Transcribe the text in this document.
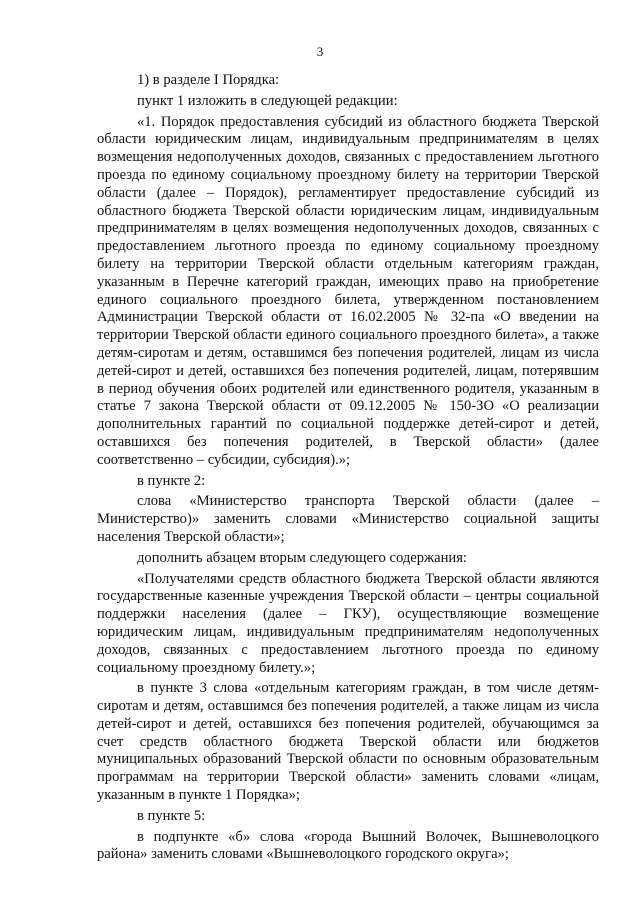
3

1) в разделе I Порядка:

пункт 1 изложить в следующей редакции:

«1. Порядок предоставления субсидий из областного бюджета Тверской области юридическим лицам, индивидуальным предпринимателям в целях возмещения недополученных доходов, связанных с предоставлением льготного проезда по единому социальному проездному билету на территории Тверской области (далее – Порядок), регламентирует предоставление субсидий из областного бюджета Тверской области юридическим лицам, индивидуальным предпринимателям в целях возмещения недополученных доходов, связанных с предоставлением льготного проезда по единому социальному проездному билету на территории Тверской области отдельным категориям граждан, указанным в Перечне категорий граждан, имеющих право на приобретение единого социального проездного билета, утвержденном постановлением Администрации Тверской области от 16.02.2005 № 32-па «О введении на территории Тверской области единого социального проездного билета», а также детям-сиротам и детям, оставшимся без попечения родителей, лицам из числа детей-сирот и детей, оставшихся без попечения родителей, лицам, потерявшим в период обучения обоих родителей или единственного родителя, указанным в статье 7 закона Тверской области от 09.12.2005 № 150-ЗО «О реализации дополнительных гарантий по социальной поддержке детей-сирот и детей, оставшихся без попечения родителей, в Тверской области» (далее соответственно – субсидии, субсидия).»;

в пункте 2:

слова «Министерство транспорта Тверской области (далее – Министерство)» заменить словами «Министерство социальной защиты населения Тверской области»;

дополнить абзацем вторым следующего содержания:

«Получателями средств областного бюджета Тверской области являются государственные казенные учреждения Тверской области – центры социальной поддержки населения (далее – ГКУ), осуществляющие возмещение юридическим лицам, индивидуальным предпринимателям недополученных доходов, связанных с предоставлением льготного проезда по единому социальному проездному билету.»;

в пункте 3 слова «отдельным категориям граждан, в том числе детям-сиротам и детям, оставшимся без попечения родителей, а также лицам из числа детей-сирот и детей, оставшихся без попечения родителей, обучающимся за счет средств областного бюджета Тверской области или бюджетов муниципальных образований Тверской области по основным образовательным программам на территории Тверской области» заменить словами «лицам, указанным в пункте 1 Порядка»;

в пункте 5:

в подпункте «б» слова «города Вышний Волочек, Вышневолоцкого района» заменить словами «Вышневолоцкого городского округа»;
